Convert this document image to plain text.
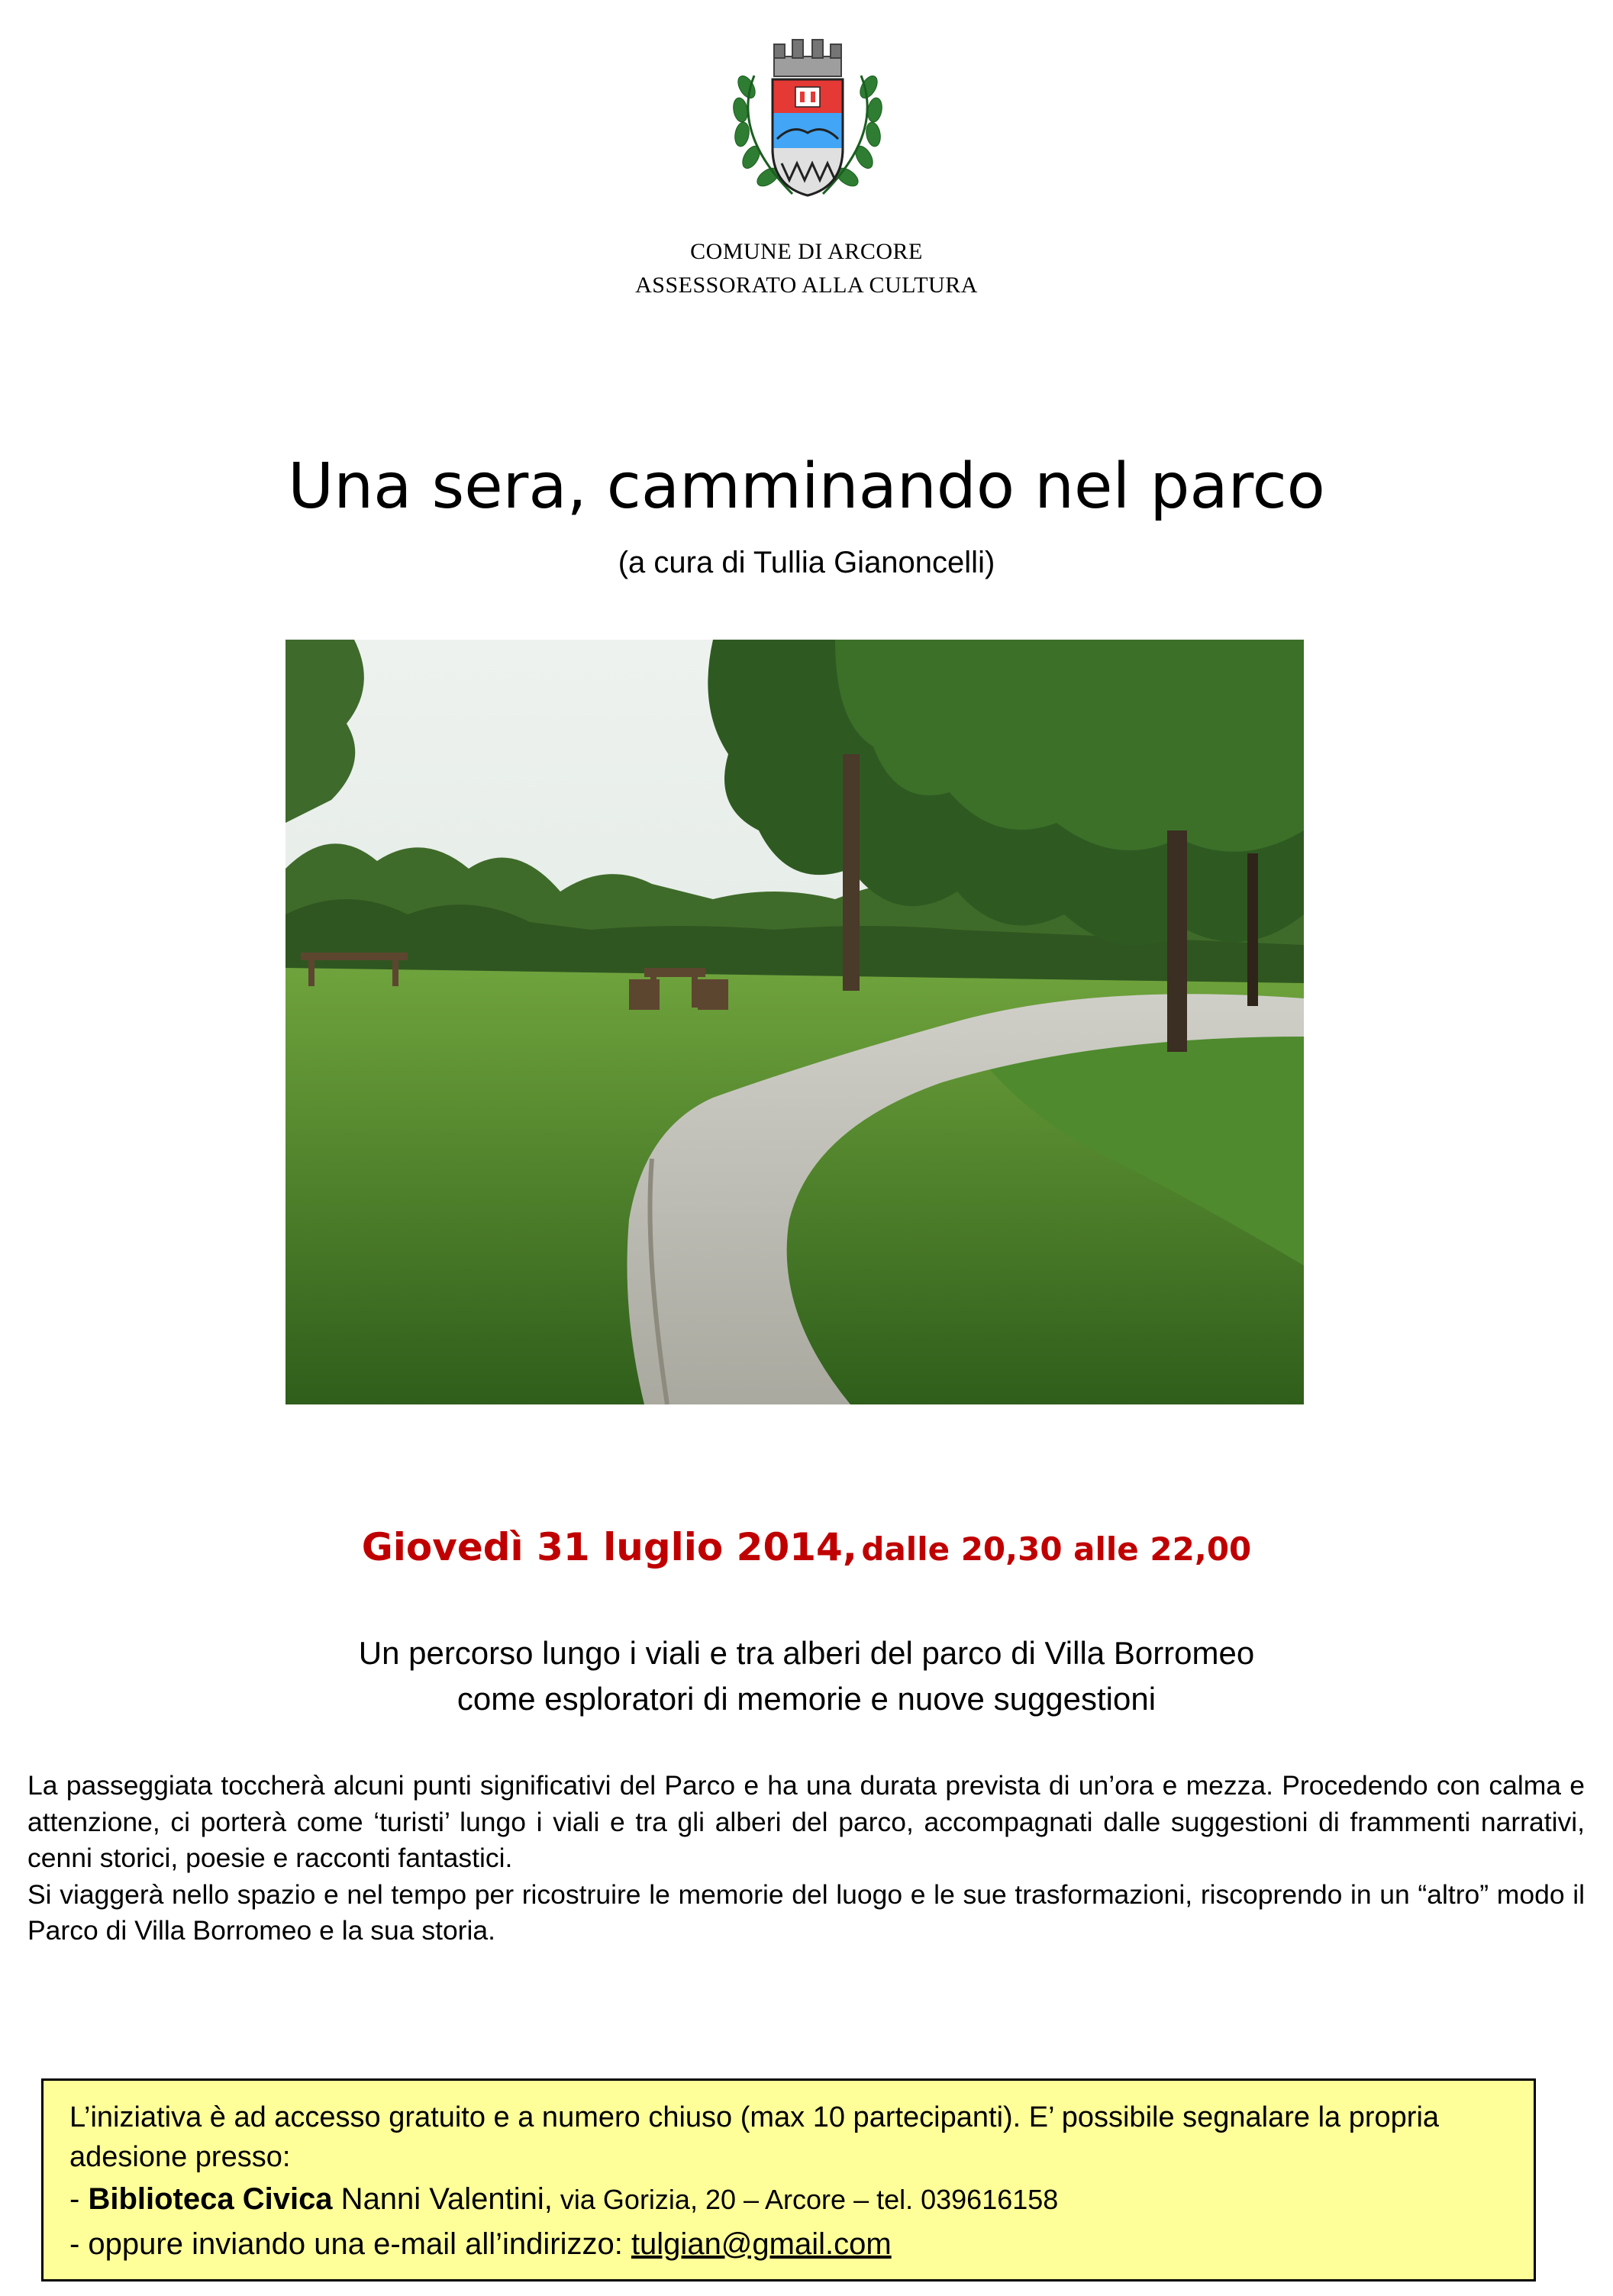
COMUNE DI ARCORE
ASSESSORATO ALLA CULTURA
Una sera, camminando nel parco
(a cura di Tullia Gianoncelli)
Giovedì 31 luglio 2014, dalle 20,30 alle 22,00
Un percorso lungo i viali e tra alberi del parco di Villa Borromeo
come esploratori di memorie e nuove suggestioni

La passeggiata toccherà alcuni punti significativi del Parco e ha una durata prevista di un’ora e mezza. Procedendo con calma e attenzione, ci porterà come ‘turisti’ lungo i viali e tra gli alberi del parco, accompagnati dalle suggestioni di frammenti narrativi, cenni storici, poesie e racconti fantastici.

Si viaggerà nello spazio e nel tempo per ricostruire le memorie del luogo e le sue trasformazioni, riscoprendo in un “altro” modo il Parco di Villa Borromeo e la sua storia.

L’iniziativa è ad accesso gratuito e a numero chiuso (max 10 partecipanti). E’ possibile segnalare la propria adesione presso:

- Biblioteca Civica Nanni Valentini, via Gorizia, 20 – Arcore – tel. 039616158

- oppure inviando una e-mail all’indirizzo: tulgian@gmail.com
